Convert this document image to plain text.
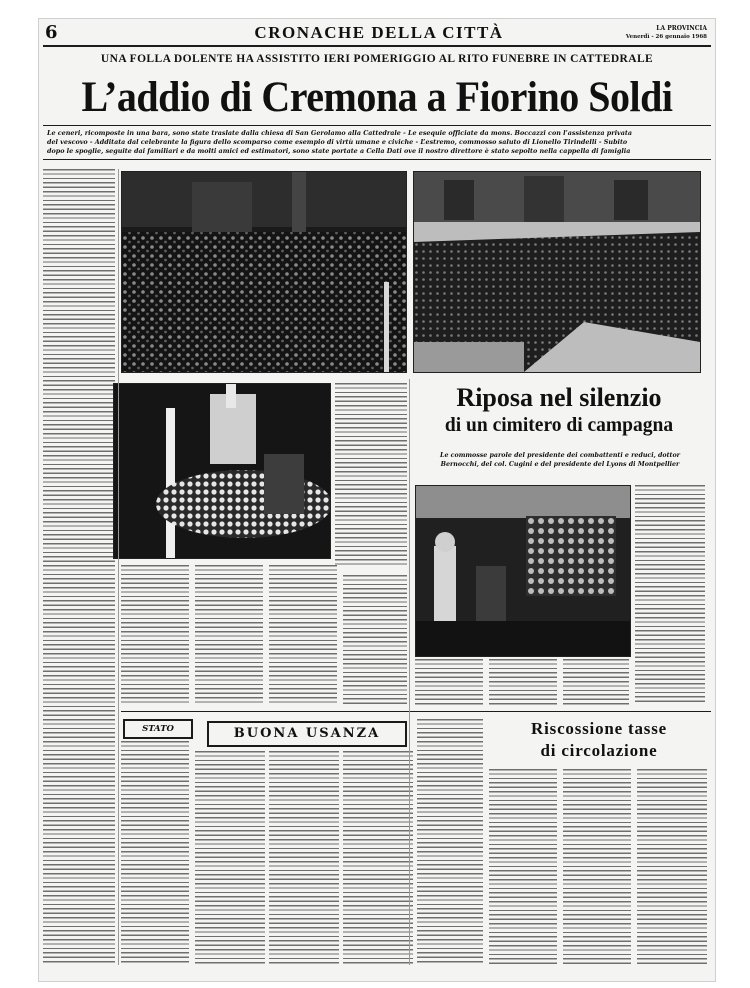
6	CRONACHE DELLA CITTÀ	LA PROVINCIA
Venerdì - 26 gennaio 1968
UNA FOLLA DOLENTE HA ASSISTITO IERI POMERIGGIO AL RITO FUNEBRE IN CATTEDRALE
L’addio di Cremona a Fiorino Soldi
Le ceneri, ricomposte in una bara, sono state traslate dalla chiesa di San Gerolamo alla Cattedrale - Le esequie officiate da mons. Boccazzi con l’assistenza privata
del vescovo - Additata dal celebrante la figura dello scomparso come esempio di virtù umane e civiche - L’estremo, commosso saluto di Lionello Tirindelli - Subito
dopo le spoglie, seguite dai familiari e da molti amici ed estimatori, sono state portate a Cella Dati ove il nostro direttore è stato sepolto nella cappella di famiglia
Riposa nel silenzio
di un cimitero di campagna
Le commosse parole del presidente dei combattenti e reduci, dottor
Bernocchi, del col. Cugini e del presidente del Lyons di Montpellier
STATO	BUONA USANZA	Riscossione tasse
di circolazione
